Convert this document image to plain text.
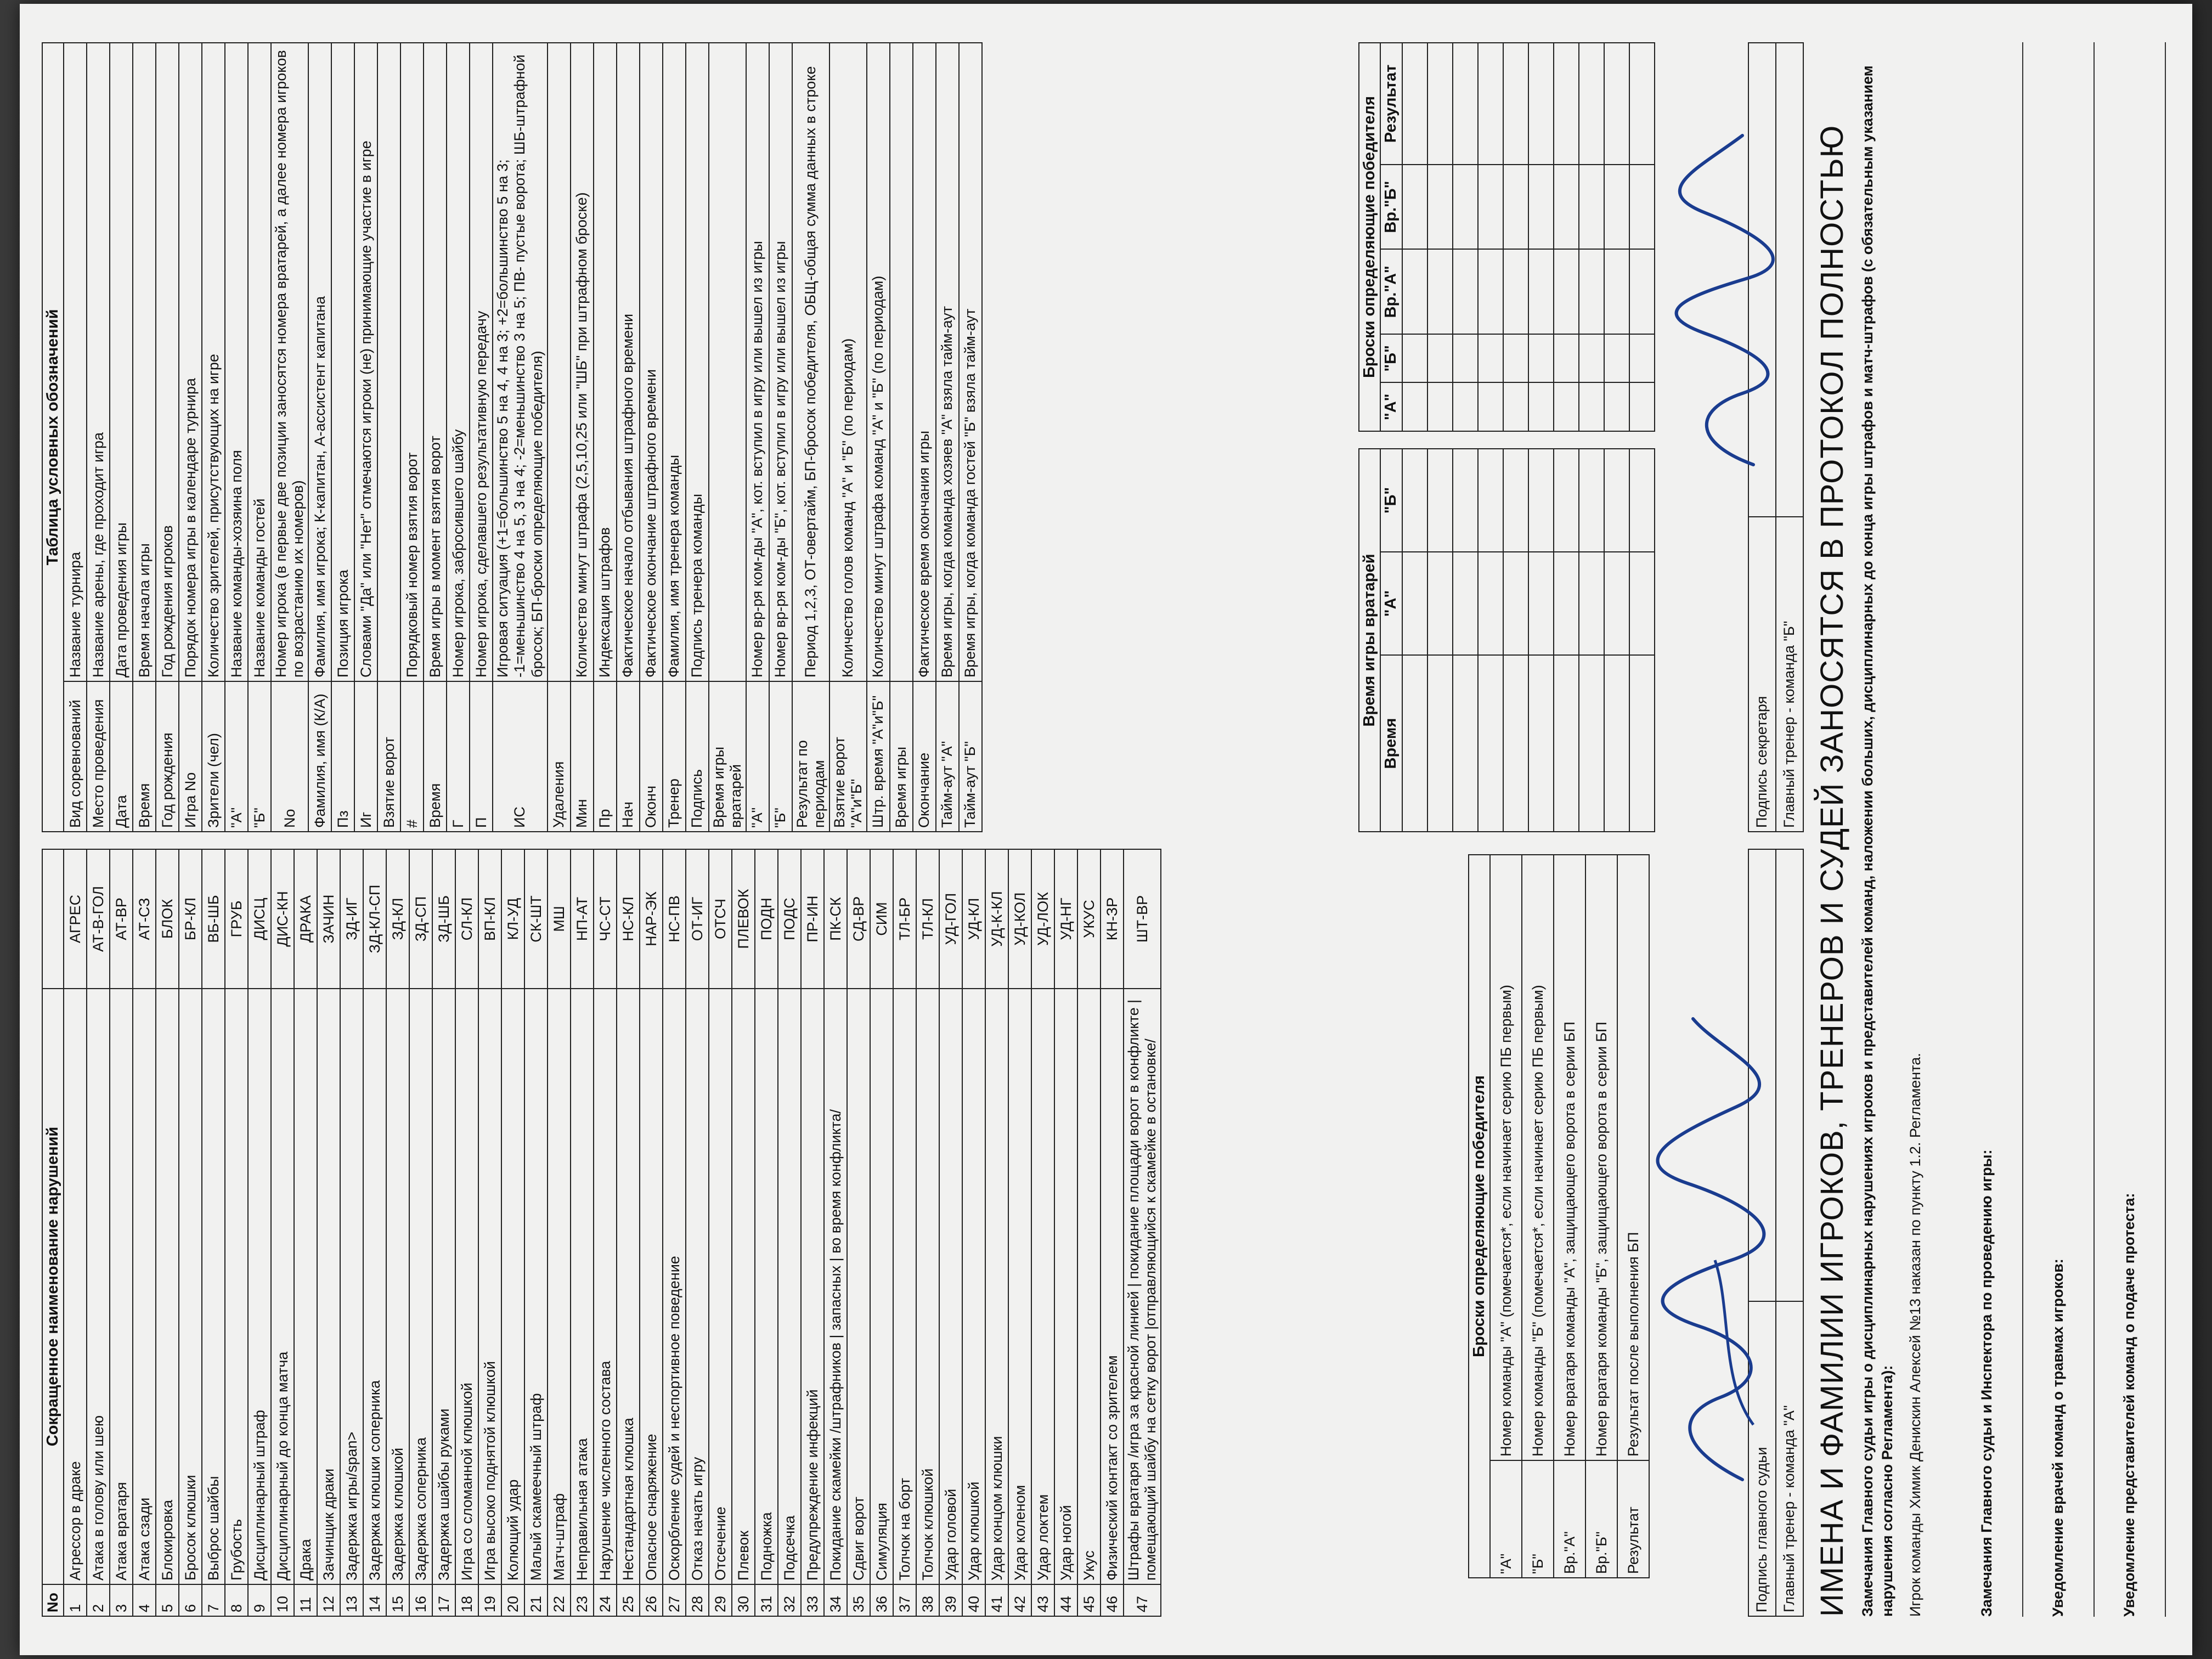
No	Сокращенное наименование нарушений	
1	Агрессор в драке	АГРЕС
2	Атака в голову или шею	АТ-В-ГОЛ
3	Атака вратаря	АТ-ВР
4	Атака сзади	АТ-СЗ
5	Блокировка	БЛОК
6	Бросок клюшки	БР-КЛ
7	Выброс шайбы	ВБ-ШБ
8	Грубость	ГРУБ
9	Дисциплинарный штраф	ДИСЦ
10	Дисциплинарный до конца матча	ДИС-КН
11	Драка	ДРАКА
12	Зачинщик драки	ЗАЧИН
13	Задержка игры/span>	ЗД-ИГ
14	Задержка клюшки соперника	ЗД-КЛ-СП
15	Задержка клюшкой	ЗД-КЛ
16	Задержка соперника	ЗД-СП
17	Задержка шайбы руками	ЗД-ШБ
18	Игра со сломанной клюшкой	СЛ-КЛ
19	Игра высоко поднятой клюшкой	ВП-КЛ
20	Колющий удар	КЛ-УД
21	Малый скамеечный штраф	СК-ШТ
22	Матч-штраф	МШ
23	Неправильная атака	НП-АТ
24	Нарушение численного состава	ЧС-СТ
25	Нестандартная клюшка	НС-КЛ
26	Опасное снаряжение	НАР-ЭК
27	Оскорбление судей и неспортивное поведение	НС-ПВ
28	Отказ начать игру	ОТ-ИГ
29	Отсечение	ОТСЧ
30	Плевок	ПЛЕВОК
31	Подножка	ПОДН
32	Подсечка	ПОДС
33	Предупреждение инфекций	ПР-ИН
34	Покидание скамейки /штрафников | запасных | во время конфликта/	ПК-СК
35	Сдвиг ворот	СД-ВР
36	Симуляция	СИМ
37	Толчок на борт	ТЛ-БР
38	Толчок клюшкой	ТЛ-КЛ
39	Удар головой	УД-ГОЛ
40	Удар клюшкой	УД-КЛ
41	Удар концом клюшки	УД-К-КЛ
42	Удар коленом	УД-КОЛ
43	Удар локтем	УД-ЛОК
44	Удар ногой	УД-НГ
45	Укус	УКУС
46	Физический контакт со зрителем	КН-ЗР
47	Штрафы вратаря /игра за красной линией | покидание площади ворот в конфликте | помещающий шайбу на сетку ворот |отправляющийся к скамейке в остановке/	ШТ-ВР
Таблица условных обозначений	
Вид соревнований	Название турнира
Место проведения	Название арены, где проходит игра
Дата	Дата проведения игры
Время	Время начала игры
Год рождения	Год рождения игроков
Игра No	Порядок номера игры в календаре турнира
Зрители (чел)	Количество зрителей, присутствующих на игре
"А"	Название команды-хозяина поля
"Б"	Название команды гостей
No	Номер игрока (в первые две позиции заносятся номера вратарей, а далее номера игроков по возрастанию их номеров)
Фамилия, имя (К/А)	Фамилия, имя игрока; К-капитан, А-ассистент капитана
Пз	Позиция игрока
Иг	Словами "Да" или "Нет" отмечаются игроки (не) принимающие участие в игре
Взятие ворот	
#	Порядковый номер взятия ворот
Время	Время игры в момент взятия ворот
Г	Номер игрока, забросившего шайбу
П	Номер игрока, сделавшего результативную передачу
ИС	Игровая ситуация (+1=большинство 5 на 4, 4 на 3; +2=большинство 5 на 3; -1=меньшинство 4 на 5, 3 на 4; -2=меньшинство 3 на 5; ПВ- пустые ворота; ШБ-штрафной бросок; БП-броски определяющие победителя)
Удаления	
Мин	Количество минут штрафа (2,5,10,25 или "ШБ" при штрафном броске)
Пр	Индексация штрафов
Нач	Фактическое начало отбывания штрафного времени
Оконч	Фактическое окончание штрафного времени
Тренер	Фамилия, имя тренера команды
Подпись	Подпись тренера команды
Время игры вратарей	
"А"	Номер вр-ря ком-ды "А", кот. вступил в игру или вышел из игры
"Б"	Номер вр-ря ком-ды "Б", кот. вступил в игру или вышел из игры
Результат по периодам	Период 1,2,3, ОТ-овертайм, БП-бросок победителя, ОБЩ-общая сумма данных в строке
Взятие ворот "А"и"Б"	Количество голов команд "А" и "Б" (по периодам)
Штр. время "А"и"Б"	Количество минут штрафа команд "А" и "Б" (по периодам)
Время игры	
Окончание	Фактическое время окончания игры
Тайм-аут "А"	Время игры, когда команда хозяев "А" взяла тайм-аут
Тайм-аут "Б"	Время игры, когда команда гостей "Б" взяла тайм-аут
Броски определяющие победителя	
"А"	Номер команды "А" (помечается*, если начинает серию ПБ первым)
"Б"	Номер команды "Б" (помечается*, если начинает серию ПБ первым)
Вр."А"	Номер вратаря команды "А", защищающего ворота в серии БП
Вр."Б"	Номер вратаря команды "Б", защищающего ворота в серии БП
Результат	Результат после выполнения БП
Время игры вратарей		
Время	"А"	"Б"

Броски определяющие победителя				
"А"	"Б"	Вр."А"	Вр."Б"	Результат

Подпись главного судьи	
Главный тренер - команда "А"	
Подпись секретаря	
Главный тренер - команда "Б"	ИМЕНА И ФАМИЛИИ ИГРОКОВ, ТРЕНЕРОВ И СУДЕЙ ЗАНОСЯТСЯ В ПРОТОКОЛ ПОЛНОСТЬЮ Замечания Главного судьи игры о дисциплинарных нарушениях игроков и представителей команд, наложении больших, дисциплинарных до конца игры штрафов и матч-штрафов (с обязательным указанием нарушения согласно Регламента): Игрок команды Химик Денискин Алексей №13 наказан по пункту 1.2. Регламента.	Замечания Главного судьи и Инспектора по проведению игры:	Уведомление врачей команд о травмах игроков:	Уведомление представителей команд о подаче протеста:
